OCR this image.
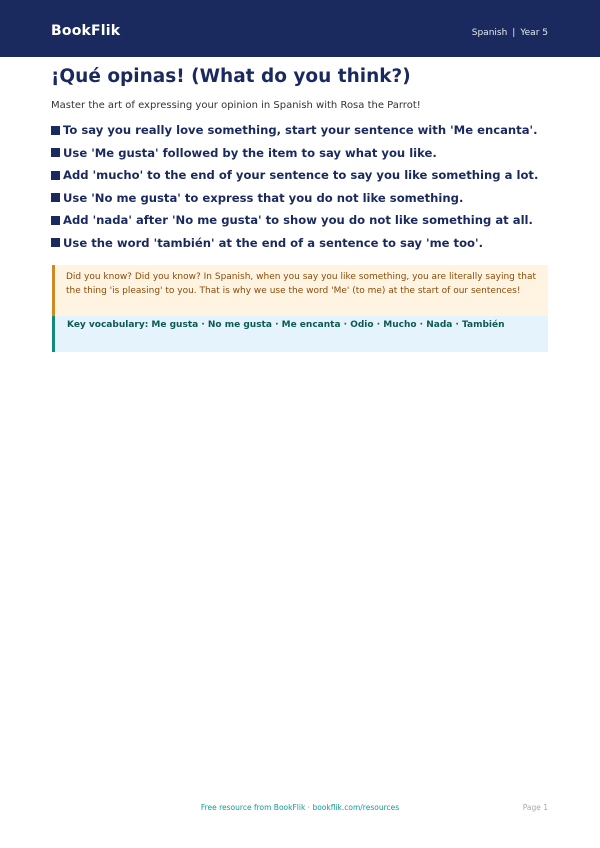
BookFlik	Spanish | Year 5
¡Qué opinas! (What do you think?)
Master the art of expressing your opinion in Spanish with Rosa the Parrot!
To say you really love something, start your sentence with 'Me encanta'.
Use 'Me gusta' followed by the item to say what you like.
Add 'mucho' to the end of your sentence to say you like something a lot.
Use 'No me gusta' to express that you do not like something.
Add 'nada' after 'No me gusta' to show you do not like something at all.
Use the word 'también' at the end of a sentence to say 'me too'.
Did you know? Did you know? In Spanish, when you say you like something, you are literally saying that the thing 'is pleasing' to you. That is why we use the word 'Me' (to me) at the start of our sentences!
Key vocabulary: Me gusta · No me gusta · Me encanta · Odio · Mucho · Nada · También
Free resource from BookFlik · bookflik.com/resources	Page 1
